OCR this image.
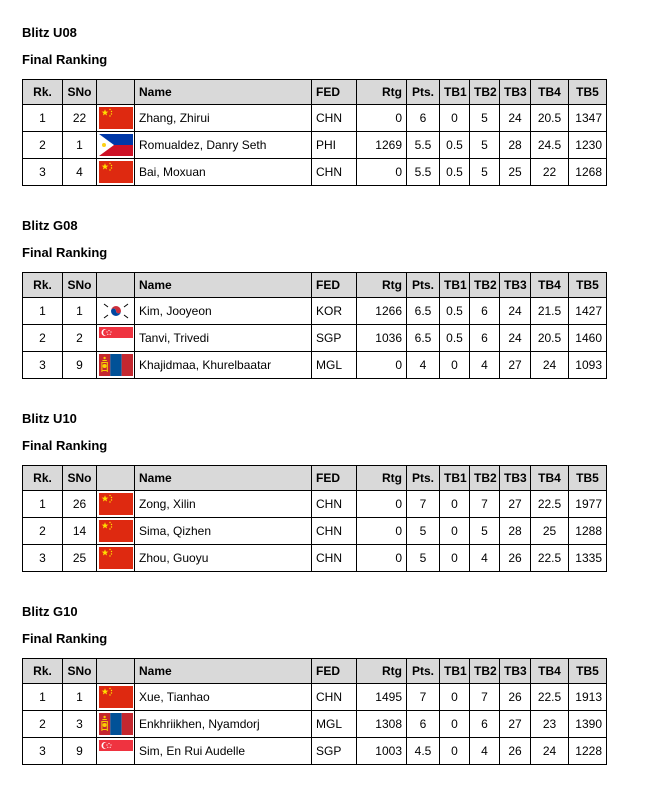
Blitz U08
Final Ranking
Rk.	SNo		Name	FED	Rtg	Pts.	TB1	TB2	TB3	TB4	TB5
1	22		Zhang, Zhirui	CHN	0	6	0	5	24	20.5	1347
2	1		Romualdez, Danry Seth	PHI	1269	5.5	0.5	5	28	24.5	1230
3	4		Bai, Moxuan	CHN	0	5.5	0.5	5	25	22	1268
Blitz G08
Final Ranking
Rk.	SNo		Name	FED	Rtg	Pts.	TB1	TB2	TB3	TB4	TB5
1	1		Kim, Jooyeon	KOR	1266	6.5	0.5	6	24	21.5	1427
2	2		Tanvi, Trivedi	SGP	1036	6.5	0.5	6	24	20.5	1460
3	9		Khajidmaa, Khurelbaatar	MGL	0	4	0	4	27	24	1093
Blitz U10
Final Ranking
Rk.	SNo		Name	FED	Rtg	Pts.	TB1	TB2	TB3	TB4	TB5
1	26		Zong, Xilin	CHN	0	7	0	7	27	22.5	1977
2	14		Sima, Qizhen	CHN	0	5	0	5	28	25	1288
3	25		Zhou, Guoyu	CHN	0	5	0	4	26	22.5	1335
Blitz G10
Final Ranking
Rk.	SNo		Name	FED	Rtg	Pts.	TB1	TB2	TB3	TB4	TB5
1	1		Xue, Tianhao	CHN	1495	7	0	7	26	22.5	1913
2	3		Enkhriikhen, Nyamdorj	MGL	1308	6	0	6	27	23	1390
3	9		Sim, En Rui Audelle	SGP	1003	4.5	0	4	26	24	1228
